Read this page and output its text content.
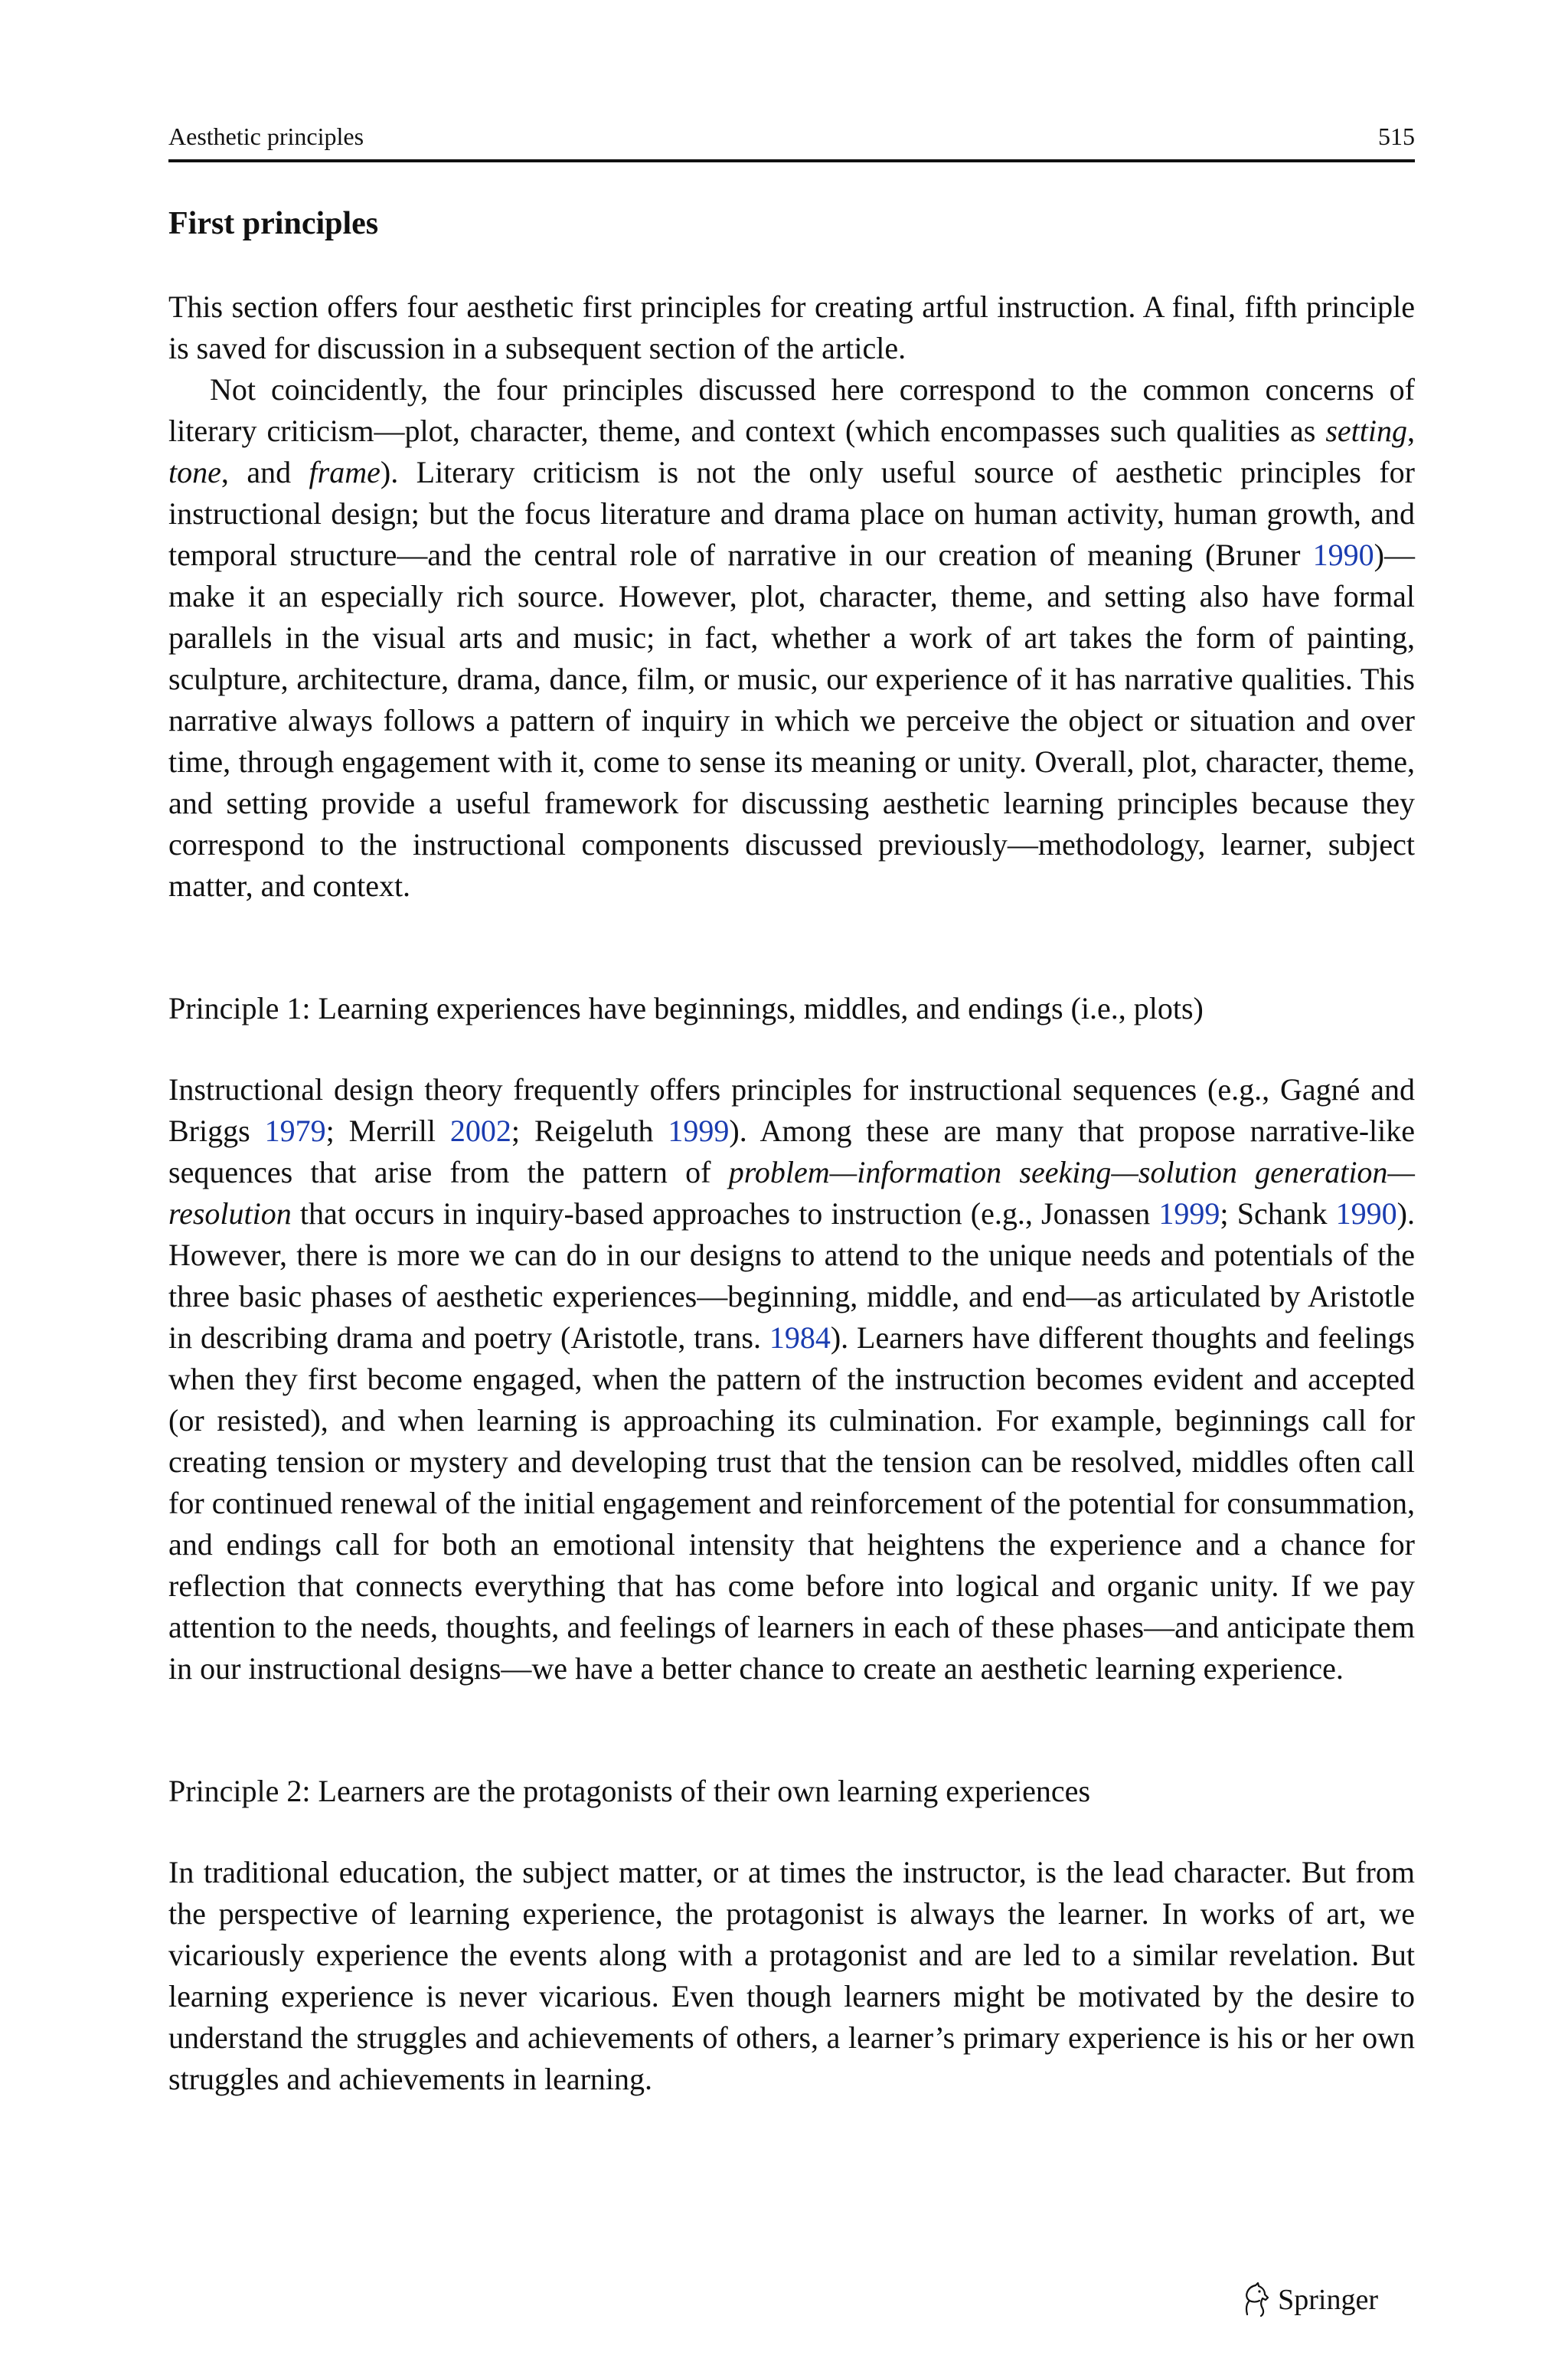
Aesthetic principles	515
First principles

This section offers four aesthetic first principles for creating artful instruction. A final, fifth principle is saved for discussion in a subsequent section of the article.

Not coincidently, the four principles discussed here correspond to the common concerns of literary criticism—plot, character, theme, and context (which encompasses such qualities as setting, tone, and frame). Literary criticism is not the only useful source of aesthetic principles for instructional design; but the focus literature and drama place on human activity, human growth, and temporal structure—and the central role of narrative in our creation of meaning (Bruner 1990)—make it an especially rich source. However, plot, character, theme, and setting also have formal parallels in the visual arts and music; in fact, whether a work of art takes the form of painting, sculpture, architecture, drama, dance, film, or music, our experience of it has narrative qualities. This narrative always follows a pattern of inquiry in which we perceive the object or situation and over time, through engagement with it, come to sense its meaning or unity. Overall, plot, character, theme, and setting provide a useful framework for discussing aesthetic learning principles because they correspond to the instructional components discussed previously—methodology, learner, subject matter, and context.

Principle 1: Learning experiences have beginnings, middles, and endings (i.e., plots)

Instructional design theory frequently offers principles for instructional sequences (e.g., Gagné and Briggs 1979; Merrill 2002; Reigeluth 1999). Among these are many that propose narrative-like sequences that arise from the pattern of problem—information seeking—solution generation—resolution that occurs in inquiry-based approaches to instruction (e.g., Jonassen 1999; Schank 1990). However, there is more we can do in our designs to attend to the unique needs and potentials of the three basic phases of aesthetic experiences—beginning, middle, and end—as articulated by Aristotle in describing drama and poetry (Aristotle, trans. 1984). Learners have different thoughts and feelings when they first become engaged, when the pattern of the instruction becomes evident and accepted (or resisted), and when learning is approaching its culmination. For example, beginnings call for creating tension or mystery and developing trust that the tension can be resolved, middles often call for continued renewal of the initial engagement and reinforcement of the potential for consummation, and endings call for both an emotional intensity that heightens the experience and a chance for reflection that connects everything that has come before into logical and organic unity. If we pay attention to the needs, thoughts, and feelings of learners in each of these phases—and anticipate them in our instructional designs—we have a better chance to create an aesthetic learning experience.

Principle 2: Learners are the protagonists of their own learning experiences

In traditional education, the subject matter, or at times the instructor, is the lead character. But from the perspective of learning experience, the protagonist is always the learner. In works of art, we vicariously experience the events along with a protagonist and are led to a similar revelation. But learning experience is never vicarious. Even though learners might be motivated by the desire to understand the struggles and achievements of others, a learner’s primary experience is his or her own struggles and achievements in learning.

Springer
